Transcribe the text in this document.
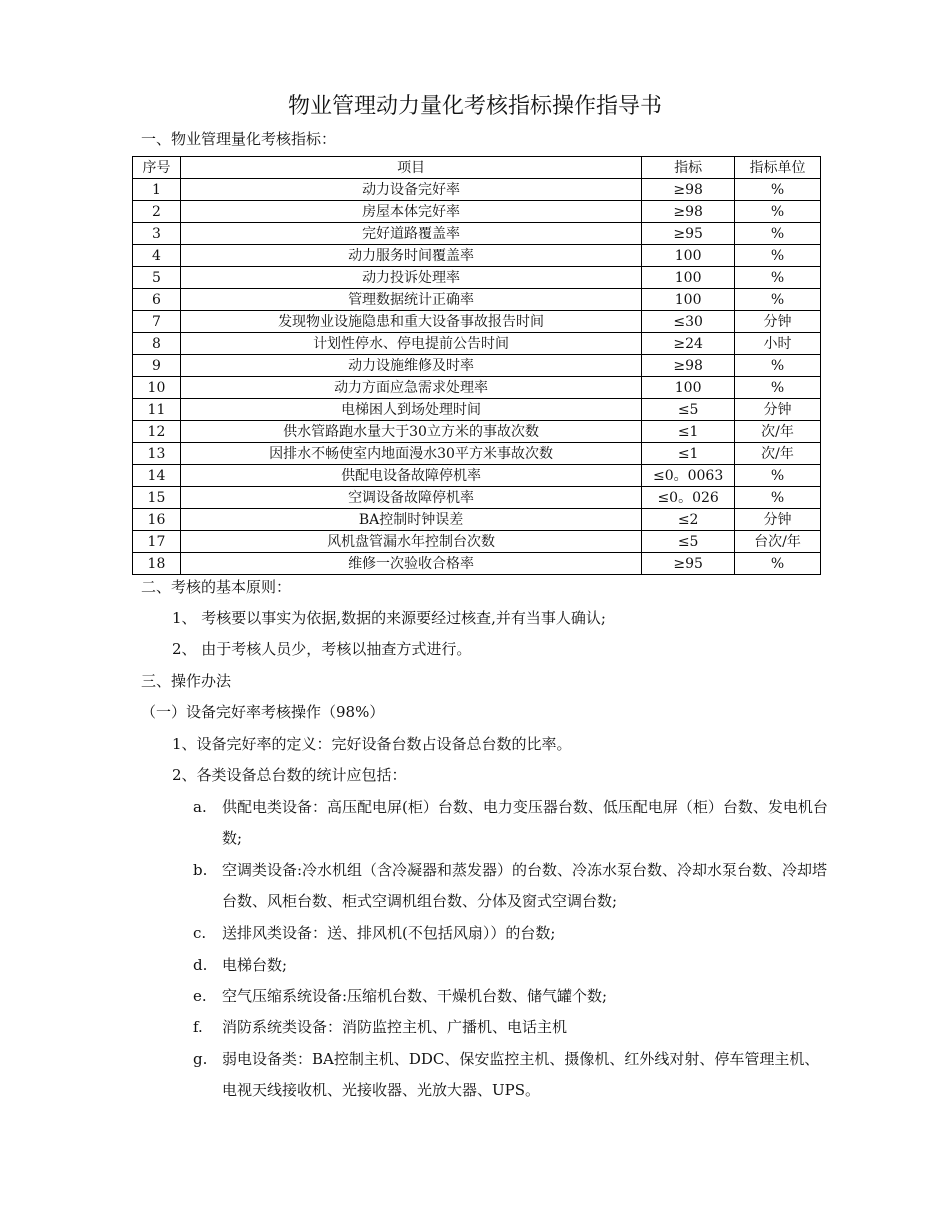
物业管理动力量化考核指标操作指导书
一、物业管理量化考核指标：
序号	项目	指标	指标单位
1	动力设备完好率	≥98	%
2	房屋本体完好率	≥98	%
3	完好道路覆盖率	≥95	%
4	动力服务时间覆盖率	100	%
5	动力投诉处理率	100	%
6	管理数据统计正确率	100	%
7	发现物业设施隐患和重大设备事故报告时间	≤30	分钟
8	计划性停水、停电提前公告时间	≥24	小时
9	动力设施维修及时率	≥98	%
10	动力方面应急需求处理率	100	%
11	电梯困人到场处理时间	≤5	分钟
12	供水管路跑水量大于30立方米的事故次数	≤1	次/年
13	因排水不畅使室内地面漫水30平方米事故次数	≤1	次/年
14	供配电设备故障停机率	≤0。0063	%
15	空调设备故障停机率	≤0。026	%
16	BA控制时钟误差	≤2	分钟
17	风机盘管漏水年控制台次数	≤5	台次/年
18	维修一次验收合格率	≥95	%
二、考核的基本原则：
1、 考核要以事实为依据,数据的来源要经过核查,并有当事人确认;
2、 由于考核人员少，考核以抽查方式进行。
三、操作办法
（一）设备完好率考核操作（98%）
1、设备完好率的定义：完好设备台数占设备总台数的比率。
2、各类设备总台数的统计应包括：
a.	供配电类设备：高压配电屏(柜）台数、电力变压器台数、低压配电屏（柜）台数、发电机台数;
b. 空调类设备:冷水机组（含冷凝器和蒸发器）的台数、冷冻水泵台数、冷却水泵台数、冷却塔台数、风柜台数、柜式空调机组台数、分体及窗式空调台数;
c.	送排风类设备：送、排风机(不包括风扇））的台数;
d. 电梯台数;
e.	空气压缩系统设备:压缩机台数、干燥机台数、储气罐个数;
f.	消防系统类设备：消防监控主机、广播机、电话主机
g. 弱电设备类：BA控制主机、DDC、保安监控主机、摄像机、红外线对射、停车管理主机、电视天线接收机、光接收器、光放大器、UPS。
